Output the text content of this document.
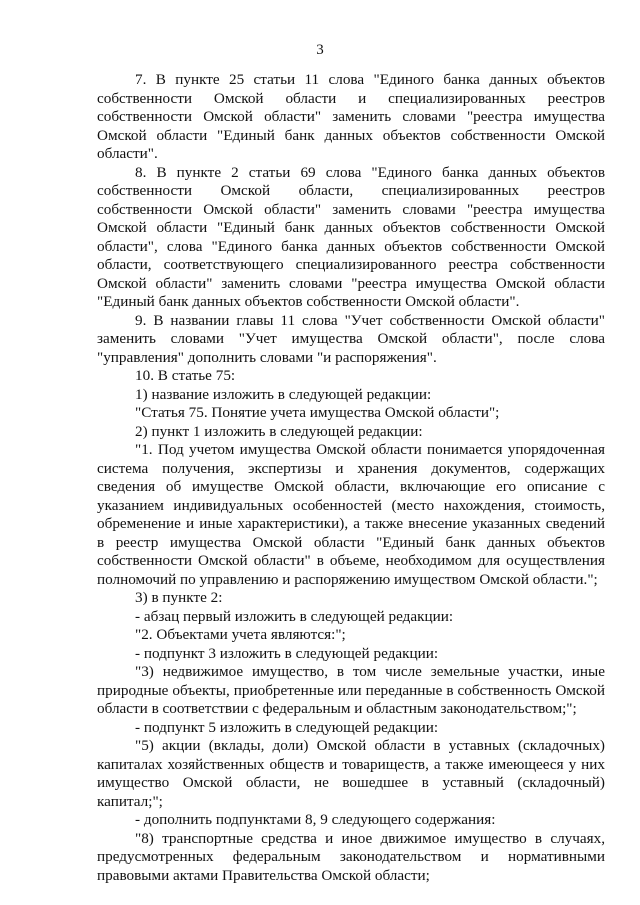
3

7. В пункте 25 статьи 11 слова "Единого банка данных объектов собственности Омской области и специализированных реестров собственности Омской области" заменить словами "реестра имущества Омской области "Единый банк данных объектов собственности Омской области".

8. В пункте 2 статьи 69 слова "Единого банка данных объектов собственности Омской области, специализированных реестров собственности Омской области" заменить словами "реестра имущества Омской области "Единый банк данных объектов собственности Омской области", слова "Единого банка данных объектов собственности Омской области, соответствующего специализированного реестра собственности Омской области" заменить словами "реестра имущества Омской области "Единый банк данных объектов собственности Омской области".

9. В названии главы 11 слова "Учет собственности Омской области" заменить словами "Учет имущества Омской области", после слова "управления" дополнить словами "и распоряжения".

10. В статье 75:

1) название изложить в следующей редакции:

"Статья 75. Понятие учета имущества Омской области";

2) пункт 1 изложить в следующей редакции:

"1. Под учетом имущества Омской области понимается упорядоченная система получения, экспертизы и хранения документов, содержащих сведения об имуществе Омской области, включающие его описание с указанием индивидуальных особенностей (место нахождения, стоимость, обременение и иные характеристики), а также внесение указанных сведений в реестр имущества Омской области "Единый банк данных объектов собственности Омской области" в объеме, необходимом для осуществления полномочий по управлению и распоряжению имуществом Омской области.";

3) в пункте 2:

- абзац первый изложить в следующей редакции:

"2. Объектами учета являются:";

- подпункт 3 изложить в следующей редакции:

"3) недвижимое имущество, в том числе земельные участки, иные природные объекты, приобретенные или переданные в собственность Омской области в соответствии с федеральным и областным законодательством;";

- подпункт 5 изложить в следующей редакции:

"5) акции (вклады, доли) Омской области в уставных (складочных) капиталах хозяйственных обществ и товариществ, а также имеющееся у них имущество Омской области, не вошедшее в уставный (складочный) капитал;";

- дополнить подпунктами 8, 9 следующего содержания:

"8) транспортные средства и иное движимое имущество в случаях, предусмотренных федеральным законодательством и нормативными правовыми актами Правительства Омской области;
